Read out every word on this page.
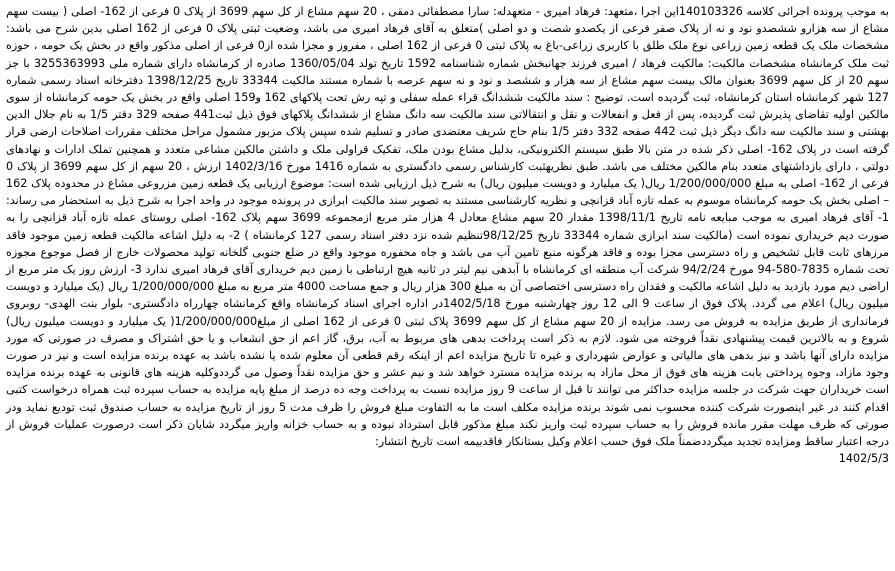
به موجب پرونده اجرائی کلاسه 140103326این اجرا ،متعهد: فرهاد امیری - متعهدله: سارا مصطفائی دمقی ، 20 سهم مشاع از کل سهم 3699 از پلاک 0 فرعی از 162- اصلی ( بیست سهم مشاع از سه هزارو ششصدو نود و نه از پلاک صفر فرعی از یکصدو شصت و دو اصلی )متعلق به آقای فرهاد امیری می باشد، وضعیت ثبتی پلاک 0 فرعی از 162 اصلی بدین شرح می باشد: مشخصات ملک یک قطعه زمین زراعی نوع ملک طلق با کاربری زراعی-باغ به پلاک ثبتی 0 فرعی از 162 اصلی ، مفروز و مجزا شده از0 فرعی از اصلی مذکور واقع در بخش یک حومه ، حوزه ثبت ملک کرمانشاه مشخصات مالکیت: مالکیت فرهاد / امیری فرزند جهانبخش شماره شناسنامه 1592 تاریخ تولد 1360/05/04 صادره از کرمانشاه دارای شماره ملی 3255363993 با جز سهم 20 از کل سهم 3699 بعنوان مالک بیست سهم مشاع از سه هزار و ششصد و نود و نه سهم عرصه با شماره مستند مالکیت 33344 تاریخ 1398/12/25 دفترخانه اسناد رسمی شماره 127 شهر کرمانشاه استان کرمانشاه، ثبت گردیده است. توضیح : سند مالکیت ششدانگ قراء عمله سفلی و تپه رش تحت پلاکهای 162 و159 اصلی واقع در بخش یک حومه کرمانشاه از سوی مالکین اولیه تقاضای پذیرش ثبت گردیده، پس از فعل و انفعالات و نقل و انتقالاتی سند مالکیت سه دانگ مشاع از ششدانگ پلاکهای فوق ذیل ثبت441 صفحه 329 دفتر 1/5 به نام جلال الدین بهشتی و سند مالکیت سه دانگ دیگر ذیل ثبت 442 صفحه 332 دفتر 1/5 بنام حاج شریف معتضدی صادر و تسلیم شده سپس پلاک مزبور مشمول مراحل مختلف مقررات اصلاحات ارضی قرار گرفته است در پلاک 162- اصلی ذکر شده در متن بالا طبق سیستم الکترونیکی، بدلیل مشاع بودن ملک، تفکیک قراولی ملک و داشتن مالکین مشاعی متعدد و همچنین تملک ادارات و نهادهای دولتی ، دارای بازداشتهای متعدد بنام مالکین مختلف می باشد. طبق نظریهثبت کارشناس رسمی دادگستری به شماره 1416 مورخ 1402/3/16 ارزش ، 20 سهم از کل سهم 3699 از پلاک 0 فرعی از 162- اصلی به مبلغ 1/200/000/000 ریال( یک میلیارد و دویست میلیون ریال) به شرح ذیل ارزیابی شده است: موضوع ارزیابی یک قطعه زمین مزروعی مشاع در محدوده پلاک 162 – اصلی بخش یک حومه کرمانشاه موسوم به عمله تازه آباد قزانچی و نظریه کارشناسی مستند به تصویر سند مالکیت ابرازی در پرونده موجود در واحد اجرا به شرح ذیل به استحضار می رساند: 1- آقای فرهاد امیری به موجب مبایعه نامه تاریخ 1398/11/1 مقدار 20 سهم مشاع معادل 4 هزار متر مربع ازمجموعه 3699 سهم پلاک 162- اصلی روستای عمله تازه آباد قزانچی را به صورت دیم خریداری نموده است (مالکیت سند ابرازی شماره 33344 تاریخ 98/12/25تنظیم شده نزد دفتر اسناد رسمی 127 کرمانشاه ) 2- به دلیل اشاعه مالکیت قطعه زمین موجود فاقد مرزهای ثابت قابل تشخیص و راه دسترسی مجزا بوده و فاقد هرگونه منبع تامین آب می باشد و جاه محفوره موجود واقع در ضلع جنوبی گلخانه تولید محصولات خارج از فصل موجوع مجوزه تحت شماره 7835-580-94 مورخ 94/2/24 شرکت آب منطقه ای کرمانشاه با آبدهی نیم لیتر در ثانیه هیچ ارتباطی با زمین دیم خریداری آقای فرهاد امیری ندارد 3- ارزش روز یک متر مربع از اراضی دیم مورد بازدید به دلیل اشاعه مالکیت و فقدان راه دسترسی اختصاصی آن به مبلغ 300 هزار ریال و جمع مساحت 4000 متر مربع به مبلغ 1/200/000/000 ریال (یک میلیارد و دویست میلیون ریال) اعلام می گردد. پلاک فوق از ساعت 9 الی 12 روز چهارشنبه مورخ 1402/5/18در اداره اجرای اسناد کرمانشاه واقع کرمانشاه چهارراه دادگستری- بلوار بنت الهدی- روبروی فرمانداری از طریق مزایده به فروش می رسد. مزایده از 20 سهم مشاع از کل سهم 3699 پلاک ثبتی 0 فرعی از 162 اصلی از مبلغ1/200/000/000( یک میلیارد و دویست میلیون ریال) شروع و به بالاترین قیمت پیشنهادی نقداً فروخته می شود. لازم به ذکر است پرداخت بدهی های مربوط به آب، برق، گاز اعم از حق انشعاب و یا حق اشتراک و مصرف در صورتی که مورد مزایده دارای آنها باشد و نیز بدهی های مالیاتی و عوارض شهرداری و غیره تا تاریخ مزایده اعم از اینکه رقم قطعی آن معلوم شده یا نشده باشد به عهده برنده مزایده است و نیز در صورت وجود مازاد، وجوه پرداختی بابت هزینه های فوق از محل مازاد به برنده مزایده مسترد خواهد شد و نیم عشر و حق مزایده نقداً وصول می گرددوکلیه هزینه های قانونی به عهده برنده مزایده است خریداران جهت شرکت در جلسه مزایده حداکثر می توانند تا قبل از ساعت 9 روز مزایده نسبت به پرداخت وجه ده درصد از مبلغ پایه مزایده به حساب سپرده ثبت همراه درخواست کتبی اقدام کنند در غیر اینصورت شرکت کننده محسوب نمی شوند برنده مزایده مکلف است ما به التفاوت مبلغ فروش را ظرف مدت 5 روز از تاریخ مزایده به حساب صندوق ثبت تودیع نماید ودر صورتی که ظرف مهلت مقرر مانده فروش را به حساب سپرده ثبت واریز نکند مبلغ مذکور قابل استرداد نبوده و به حساب خزانه واریز میگردد شایان ذکر است درصورت عملیات فروش از درجه اعتبار ساقط ومزایده تجدید میگرددضمناً ملک فوق حسب اعلام وکیل بستانکار فاقدبیمه است تاریخ انتشار:

1402/5/3
